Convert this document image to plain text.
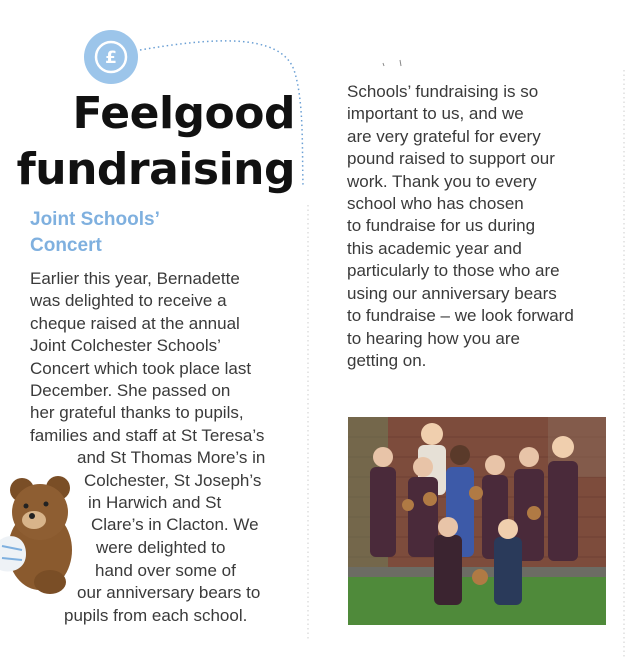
£
Feelgood
fundraising
Joint Schools’
Concert
Earlier this year, Bernadette
was delighted to receive a
cheque raised at the annual
Joint Colchester Schools’
Concert which took place last
December. She passed on
her grateful thanks to pupils,
families and staff at St Teresa’s
and St Thomas More’s in
Colchester, St Joseph’s
in Harwich and St
Clare’s in Clacton. We
were delighted to
hand over some of
our anniversary bears to
pupils from each school.
Schools’ fundraising is so
important to us, and we
are very grateful for every
pound raised to support our
work. Thank you to every
school who has chosen
to fundraise for us during
this academic year and
particularly to those who are
using our anniversary bears
to fundraise – we look forward
to hearing how you are
getting on.
